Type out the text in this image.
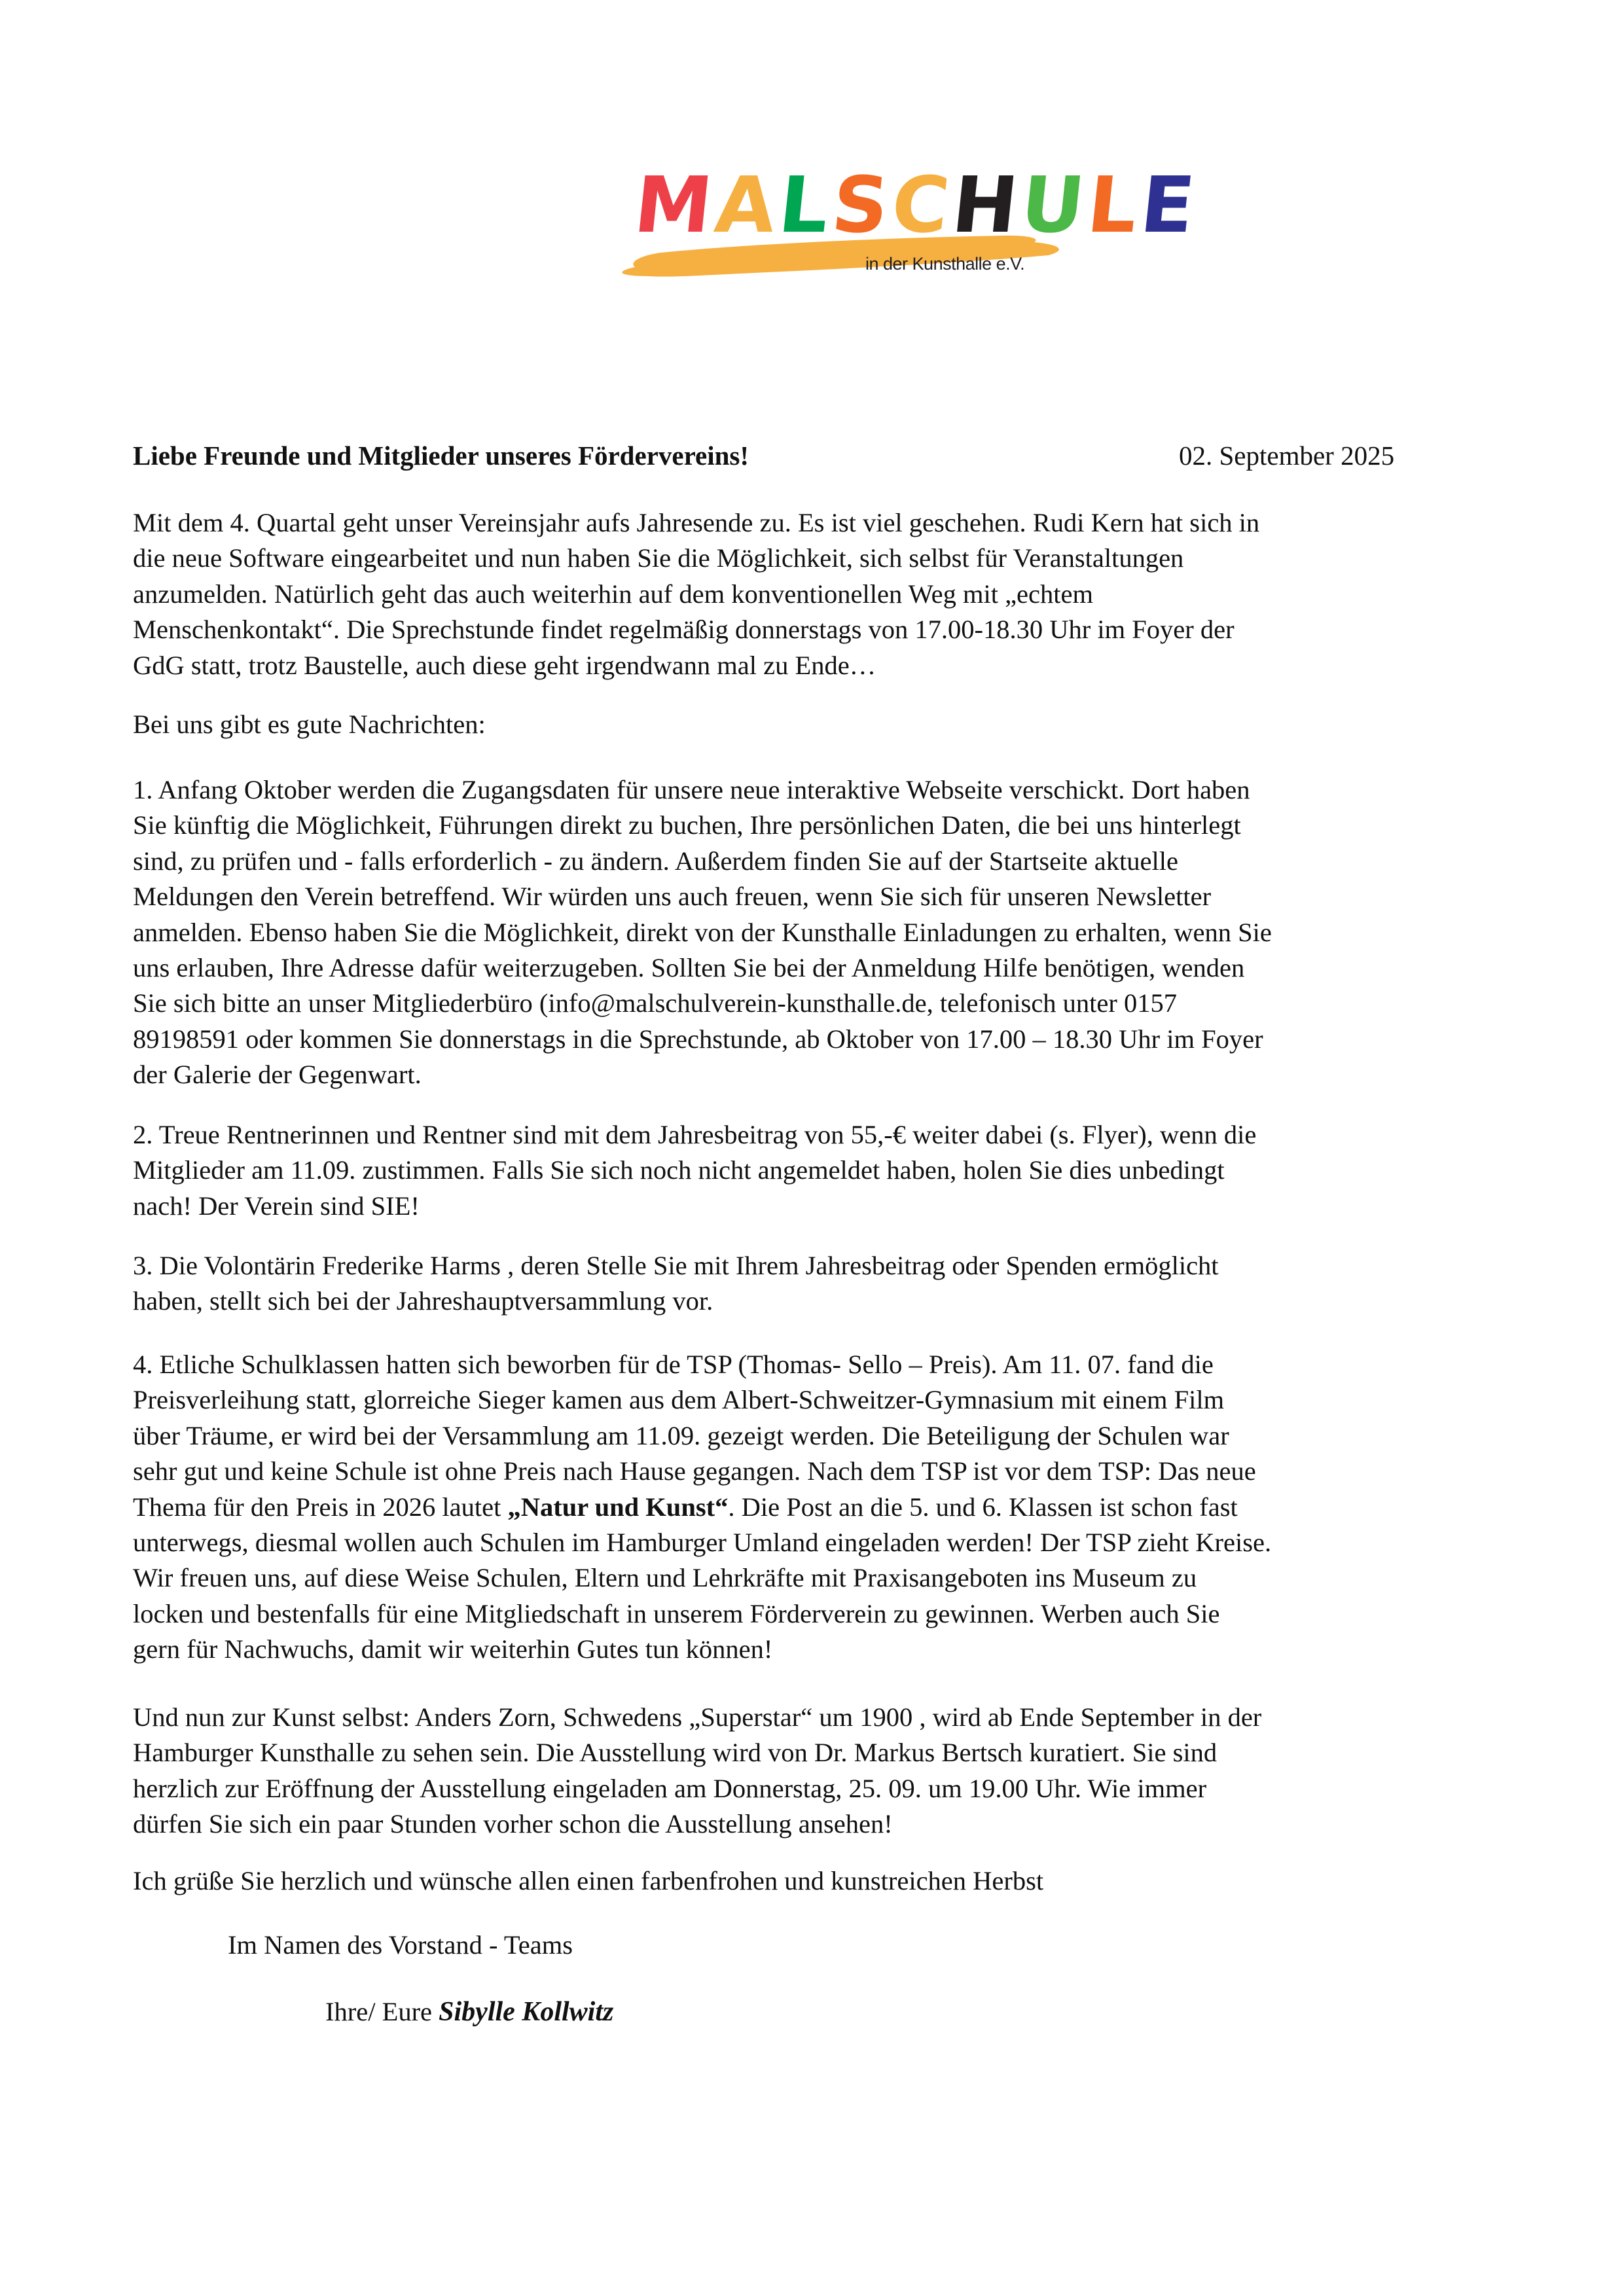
M
A
L
S
C
H
U
L
E
in der Kunsthalle e.V.
Liebe Freunde und Mitglieder unseres Fördervereins!	02. September 2025
Mit dem 4. Quartal geht unser Vereinsjahr aufs Jahresende zu. Es ist viel geschehen. Rudi Kern hat sich in
die neue Software eingearbeitet und nun haben Sie die Möglichkeit, sich selbst für Veranstaltungen
anzumelden. Natürlich geht das auch weiterhin auf dem konventionellen Weg mit „echtem
Menschenkontakt“. Die Sprechstunde findet regelmäßig donnerstags von 17.00-18.30 Uhr im Foyer der
GdG statt, trotz Baustelle, auch diese geht irgendwann mal zu Ende…
Bei uns gibt es gute Nachrichten:
1. Anfang Oktober werden die Zugangsdaten für unsere neue interaktive Webseite verschickt. Dort haben
Sie künftig die Möglichkeit, Führungen direkt zu buchen, Ihre persönlichen Daten, die bei uns hinterlegt
sind, zu prüfen und - falls erforderlich - zu ändern. Außerdem finden Sie auf der Startseite aktuelle
Meldungen den Verein betreffend. Wir würden uns auch freuen, wenn Sie sich für unseren Newsletter
anmelden. Ebenso haben Sie die Möglichkeit, direkt von der Kunsthalle Einladungen zu erhalten, wenn Sie
uns erlauben, Ihre Adresse dafür weiterzugeben. Sollten Sie bei der Anmeldung Hilfe benötigen, wenden
Sie sich bitte an unser Mitgliederbüro (info@malschulverein-kunsthalle.de, telefonisch unter 0157
89198591 oder kommen Sie donnerstags in die Sprechstunde, ab Oktober von 17.00 – 18.30 Uhr im Foyer
der Galerie der Gegenwart.
2. Treue Rentnerinnen und Rentner sind mit dem Jahresbeitrag von 55,-€ weiter dabei (s. Flyer), wenn die
Mitglieder am 11.09. zustimmen. Falls Sie sich noch nicht angemeldet haben, holen Sie dies unbedingt
nach! Der Verein sind SIE!
3. Die Volontärin Frederike Harms , deren Stelle Sie mit Ihrem Jahresbeitrag oder Spenden ermöglicht
haben, stellt sich bei der Jahreshauptversammlung vor.
4. Etliche Schulklassen hatten sich beworben für de TSP (Thomas- Sello – Preis). Am 11. 07. fand die
Preisverleihung statt, glorreiche Sieger kamen aus dem Albert-Schweitzer-Gymnasium mit einem Film
über Träume, er wird bei der Versammlung am 11.09. gezeigt werden. Die Beteiligung der Schulen war
sehr gut und keine Schule ist ohne Preis nach Hause gegangen. Nach dem TSP ist vor dem TSP: Das neue
Thema für den Preis in 2026 lautet „Natur und Kunst“. Die Post an die 5. und 6. Klassen ist schon fast
unterwegs, diesmal wollen auch Schulen im Hamburger Umland eingeladen werden! Der TSP zieht Kreise.
Wir freuen uns, auf diese Weise Schulen, Eltern und Lehrkräfte mit Praxisangeboten ins Museum zu
locken und bestenfalls für eine Mitgliedschaft in unserem Förderverein zu gewinnen. Werben auch Sie
gern für Nachwuchs, damit wir weiterhin Gutes tun können!
Und nun zur Kunst selbst: Anders Zorn, Schwedens „Superstar“ um 1900 , wird ab Ende September in der
Hamburger Kunsthalle zu sehen sein. Die Ausstellung wird von Dr. Markus Bertsch kuratiert. Sie sind
herzlich zur Eröffnung der Ausstellung eingeladen am Donnerstag, 25. 09. um 19.00 Uhr. Wie immer
dürfen Sie sich ein paar Stunden vorher schon die Ausstellung ansehen!
Ich grüße Sie herzlich und wünsche allen einen farbenfrohen und kunstreichen Herbst
Im Namen des Vorstand - Teams
Ihre/ Eure Sibylle Kollwitz
